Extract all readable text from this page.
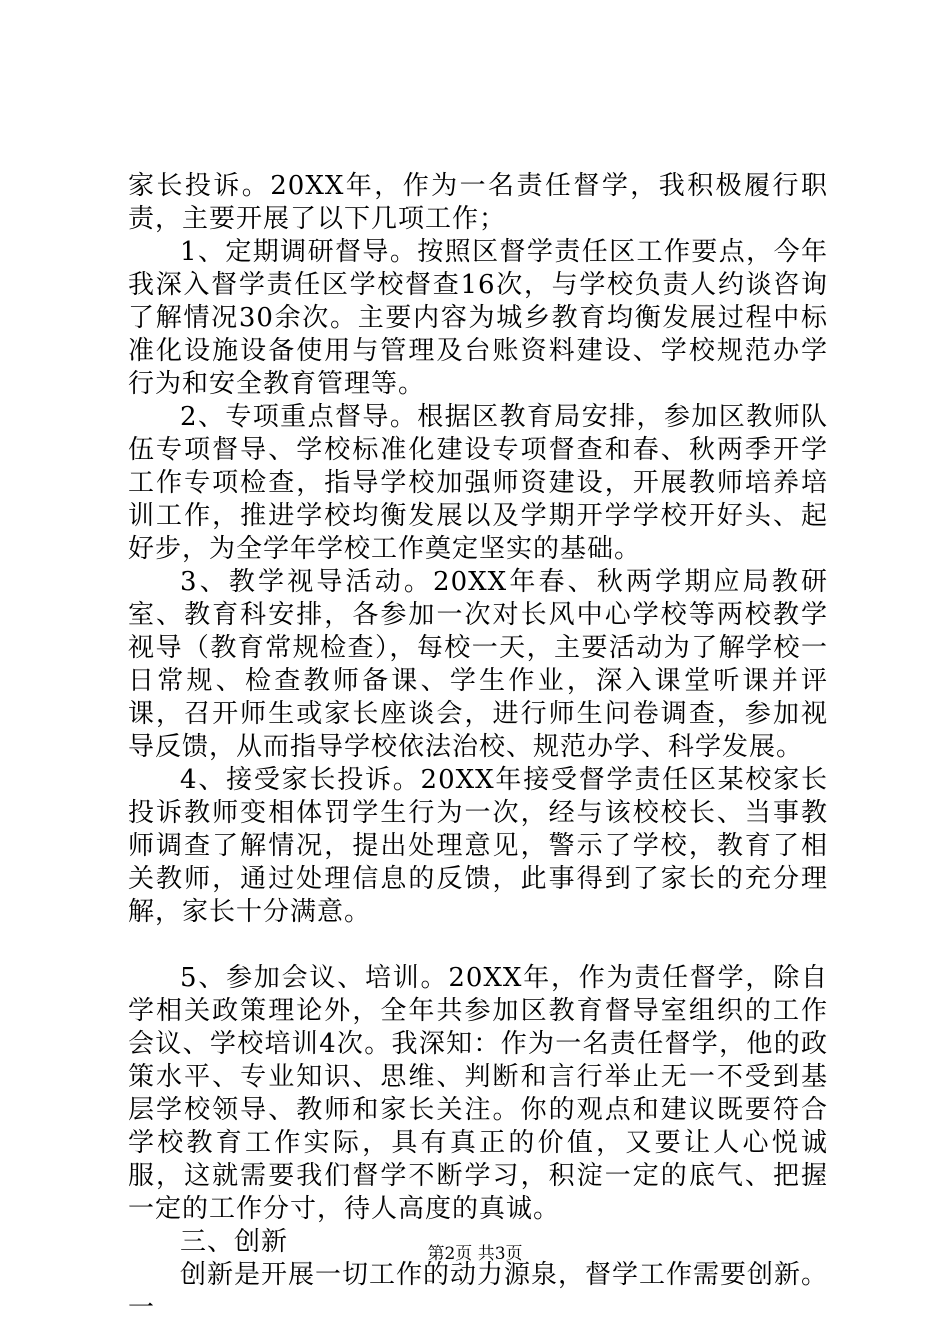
家长投诉。20XX年，作为一名责任督学，我积极履行职责，主要开展了以下几项工作；

1、定期调研督导。按照区督学责任区工作要点，今年我深入督学责任区学校督查16次，与学校负责人约谈咨询了解情况30余次。主要内容为城乡教育均衡发展过程中标准化设施设备使用与管理及台账资料建设、学校规范办学行为和安全教育管理等。

2、专项重点督导。根据区教育局安排，参加区教师队伍专项督导、学校标准化建设专项督查和春、秋两季开学工作专项检查，指导学校加强师资建设，开展教师培养培训工作，推进学校均衡发展以及学期开学学校开好头、起好步，为全学年学校工作奠定坚实的基础。

3、教学视导活动。20XX年春、秋两学期应局教研室、教育科安排，各参加一次对长风中心学校等两校教学视导（教育常规检查），每校一天，主要活动为了解学校一日常规、检查教师备课、学生作业，深入课堂听课并评课，召开师生或家长座谈会，进行师生问卷调查，参加视导反馈，从而指导学校依法治校、规范办学、科学发展。

4、接受家长投诉。20XX年接受督学责任区某校家长投诉教师变相体罚学生行为一次，经与该校校长、当事教师调查了解情况，提出处理意见，警示了学校，教育了相关教师，通过处理信息的反馈，此事得到了家长的充分理解，家长十分满意。

5、参加会议、培训。20XX年，作为责任督学，除自学相关政策理论外，全年共参加区教育督导室组织的工作会议、学校培训4次。我深知：作为一名责任督学，他的政策水平、专业知识、思维、判断和言行举止无一不受到基层学校领导、教师和家长关注。你的观点和建议既要符合学校教育工作实际，具有真正的价值，又要让人心悦诚服，这就需要我们督学不断学习，积淀一定的底气、把握一定的工作分寸，待人高度的真诚。

三、创新

创新是开展一切工作的动力源泉，督学工作需要创新。一

第2页 共3页
